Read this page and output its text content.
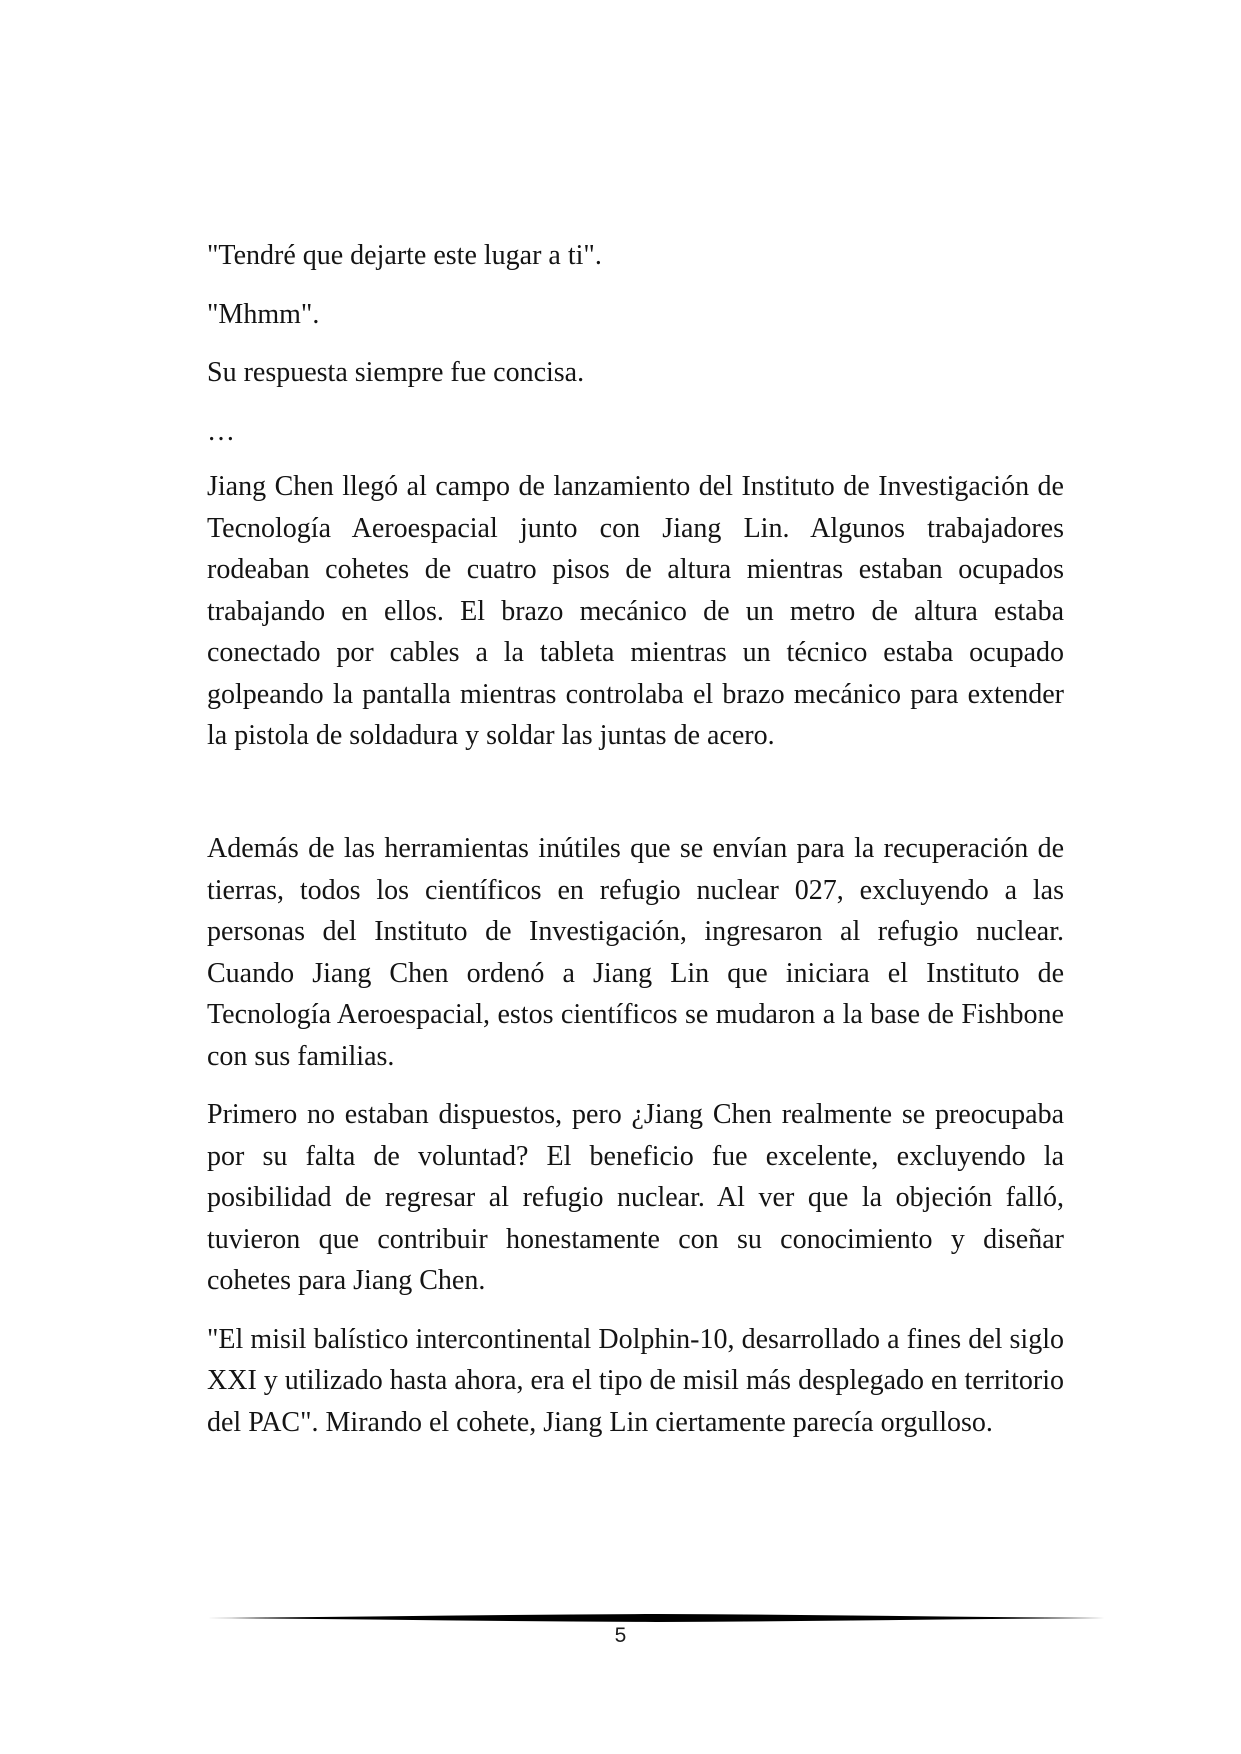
"Tendré que dejarte este lugar a ti".

"Mhmm".

Su respuesta siempre fue concisa.

…

Jiang Chen llegó al campo de lanzamiento del Instituto de Investigación de Tecnología Aeroespacial junto con Jiang Lin. Algunos trabajadores rodeaban cohetes de cuatro pisos de altura mientras estaban ocupados trabajando en ellos. El brazo mecánico de un metro de altura estaba conectado por cables a la tableta mientras un técnico estaba ocupado golpeando la pantalla mientras controlaba el brazo mecánico para extender la pistola de soldadura y soldar las juntas de acero.

Además de las herramientas inútiles que se envían para la recuperación de tierras, todos los científicos en refugio nuclear 027, excluyendo a las personas del Instituto de Investigación, ingresaron al refugio nuclear. Cuando Jiang Chen ordenó a Jiang Lin que iniciara el Instituto de Tecnología Aeroespacial, estos científicos se mudaron a la base de Fishbone con sus familias.

Primero no estaban dispuestos, pero ¿Jiang Chen realmente se preocupaba por su falta de voluntad? El beneficio fue excelente, excluyendo la posibilidad de regresar al refugio nuclear. Al ver que la objeción falló, tuvieron que contribuir honestamente con su conocimiento y diseñar cohetes para Jiang Chen.

"El misil balístico intercontinental Dolphin-10, desarrollado a fines del siglo XXI y utilizado hasta ahora, era el tipo de misil más desplegado en territorio del PAC". Mirando el cohete, Jiang Lin ciertamente parecía orgulloso.

5
